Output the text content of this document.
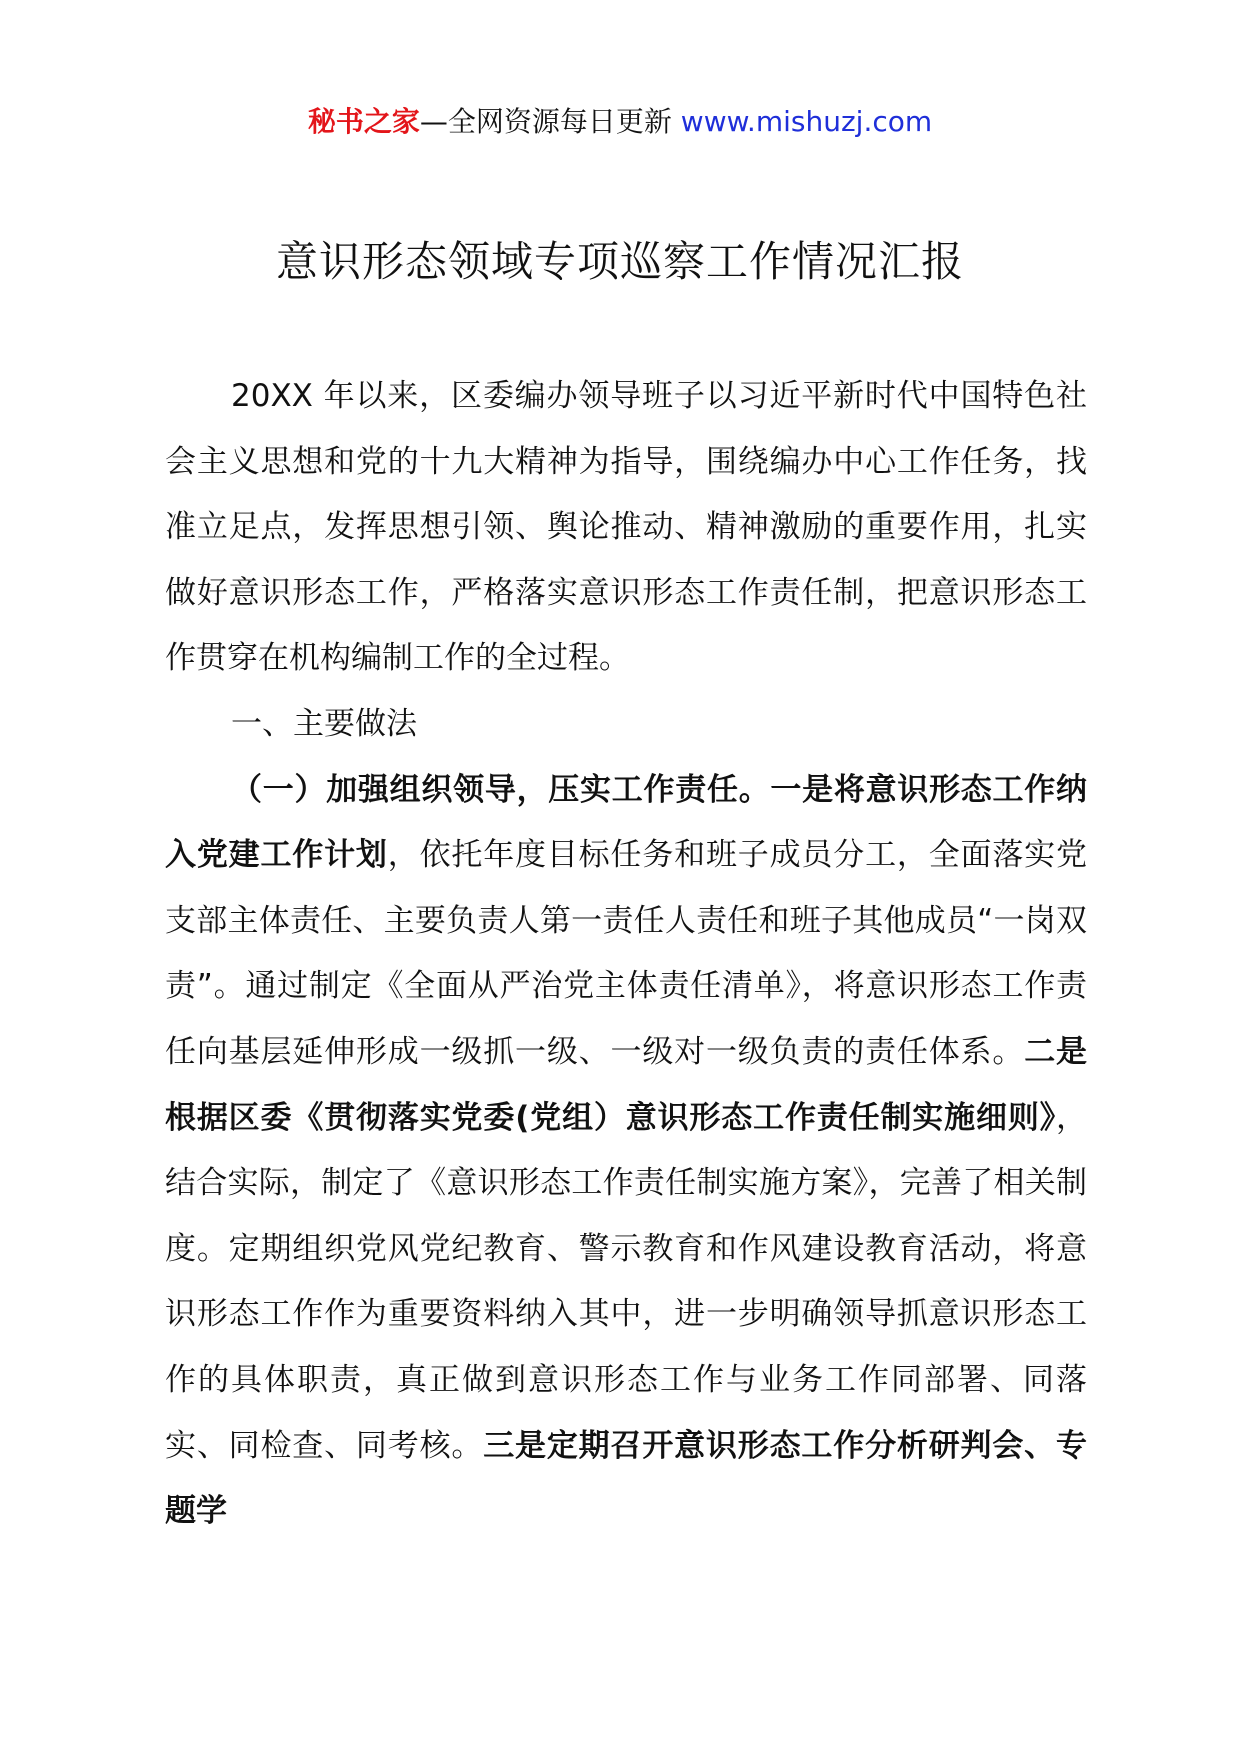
秘书之家—全网资源每日更新 www.mishuzj.com
意识形态领域专项巡察工作情况汇报

20XX 年以来，区委编办领导班子以习近平新时代中国特色社会主义思想和党的十九大精神为指导，围绕编办中心工作任务，找准立足点，发挥思想引领、舆论推动、精神激励的重要作用，扎实做好意识形态工作，严格落实意识形态工作责任制，把意识形态工作贯穿在机构编制工作的全过程。

一、主要做法

（一）加强组织领导，压实工作责任。一是将意识形态工作纳入党建工作计划，依托年度目标任务和班子成员分工，全面落实党支部主体责任、主要负责人第一责任人责任和班子其他成员“一岗双责”。通过制定《全面从严治党主体责任清单》，将意识形态工作责任向基层延伸形成一级抓一级、一级对一级负责的责任体系。二是根据区委《贯彻落实党委(党组）意识形态工作责任制实施细则》，结合实际，制定了《意识形态工作责任制实施方案》，完善了相关制度。定期组织党风党纪教育、警示教育和作风建设教育活动，将意识形态工作作为重要资料纳入其中，进一步明确领导抓意识形态工作的具体职责，真正做到意识形态工作与业务工作同部署、同落实、同检查、同考核。三是定期召开意识形态工作分析研判会、专题学
